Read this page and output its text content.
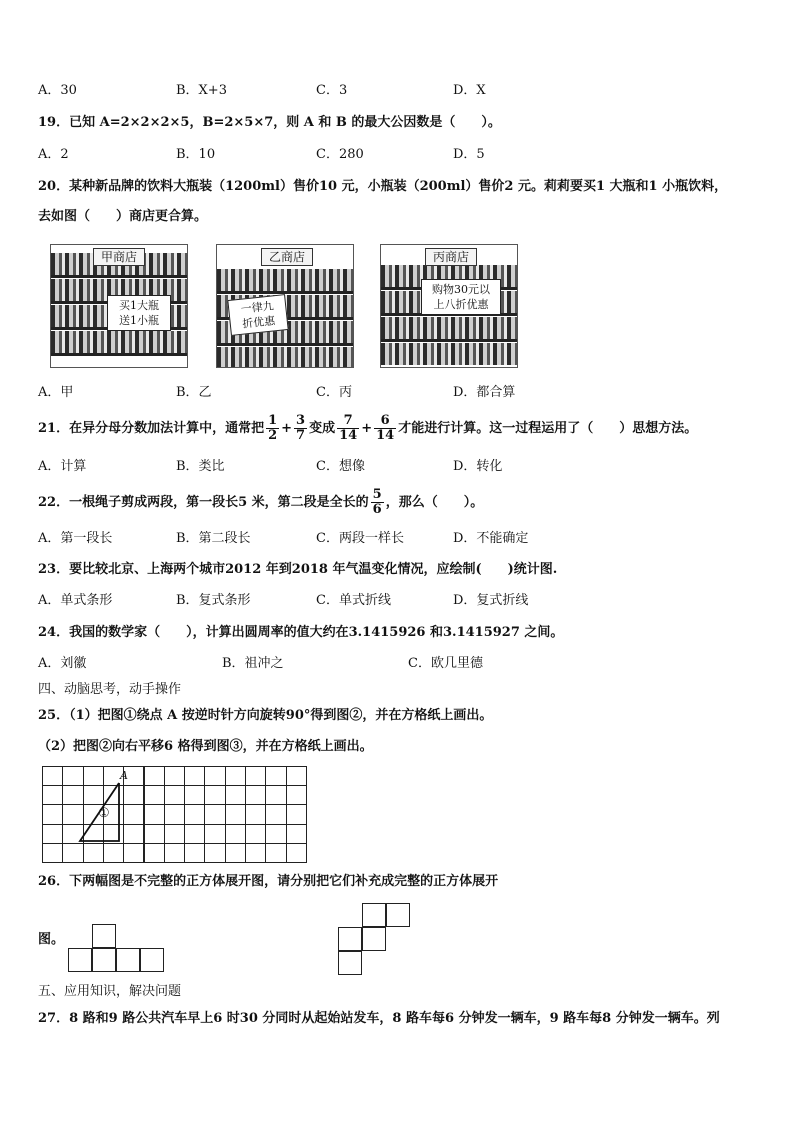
A．30	B．X+3	C．3	D．X
19．已知 A=2×2×2×5，B=2×5×7，则 A 和 B 的最大公因数是（　　）。
A．2	B．10	C．280	D．5
20．某种新品牌的饮料大瓶装（1200ml）售价10 元，小瓶装（200ml）售价2 元。莉莉要买1 大瓶和1 小瓶饮料，
去如图（　　）商店更合算。
甲商店
买1大瓶
送1小瓶
乙商店
一律九
折优惠
丙商店
购物30元以
上八折优惠
A．甲	B．乙	C．丙	D．都合算
21．在异分母分数加法计算中，通常把 $\frac{1}{2} + \frac{3}{7}$ 变成 $\frac{7}{14} + \frac{6}{14}$ 才能进行计算。这一过程运用了（　　）思想方法。
A．计算	B．类比	C．想像	D．转化
22．一根绳子剪成两段，第一段长5 米，第二段是全长的 $\frac{5}{6}$ ，那么（　　）。
A．第一段长	B．第二段长	C．两段一样长	D．不能确定
23．要比较北京、上海两个城市2012 年到2018 年气温变化情况，应绘制(　　)统计图.
A．单式条形	B．复式条形	C．单式折线	D．复式折线
24．我国的数学家（　　），计算出圆周率的值大约在3.1415926 和3.1415927 之间。
A．刘徽	B．祖冲之	C．欧几里德
四、动脑思考，动手操作
25．（1）把图①绕点 A 按逆时针方向旋转90°得到图②，并在方格纸上画出。
（2）把图②向右平移6 格得到图③，并在方格纸上画出。
A
①
26．下两幅图是不完整的正方体展开图，请分别把它们补充成完整的正方体展开
图。
五、应用知识，解决问题
27．8 路和9 路公共汽车早上6 时30 分同时从起始站发车，8 路车每6 分钟发一辆车，9 路车每8 分钟发一辆车。列
